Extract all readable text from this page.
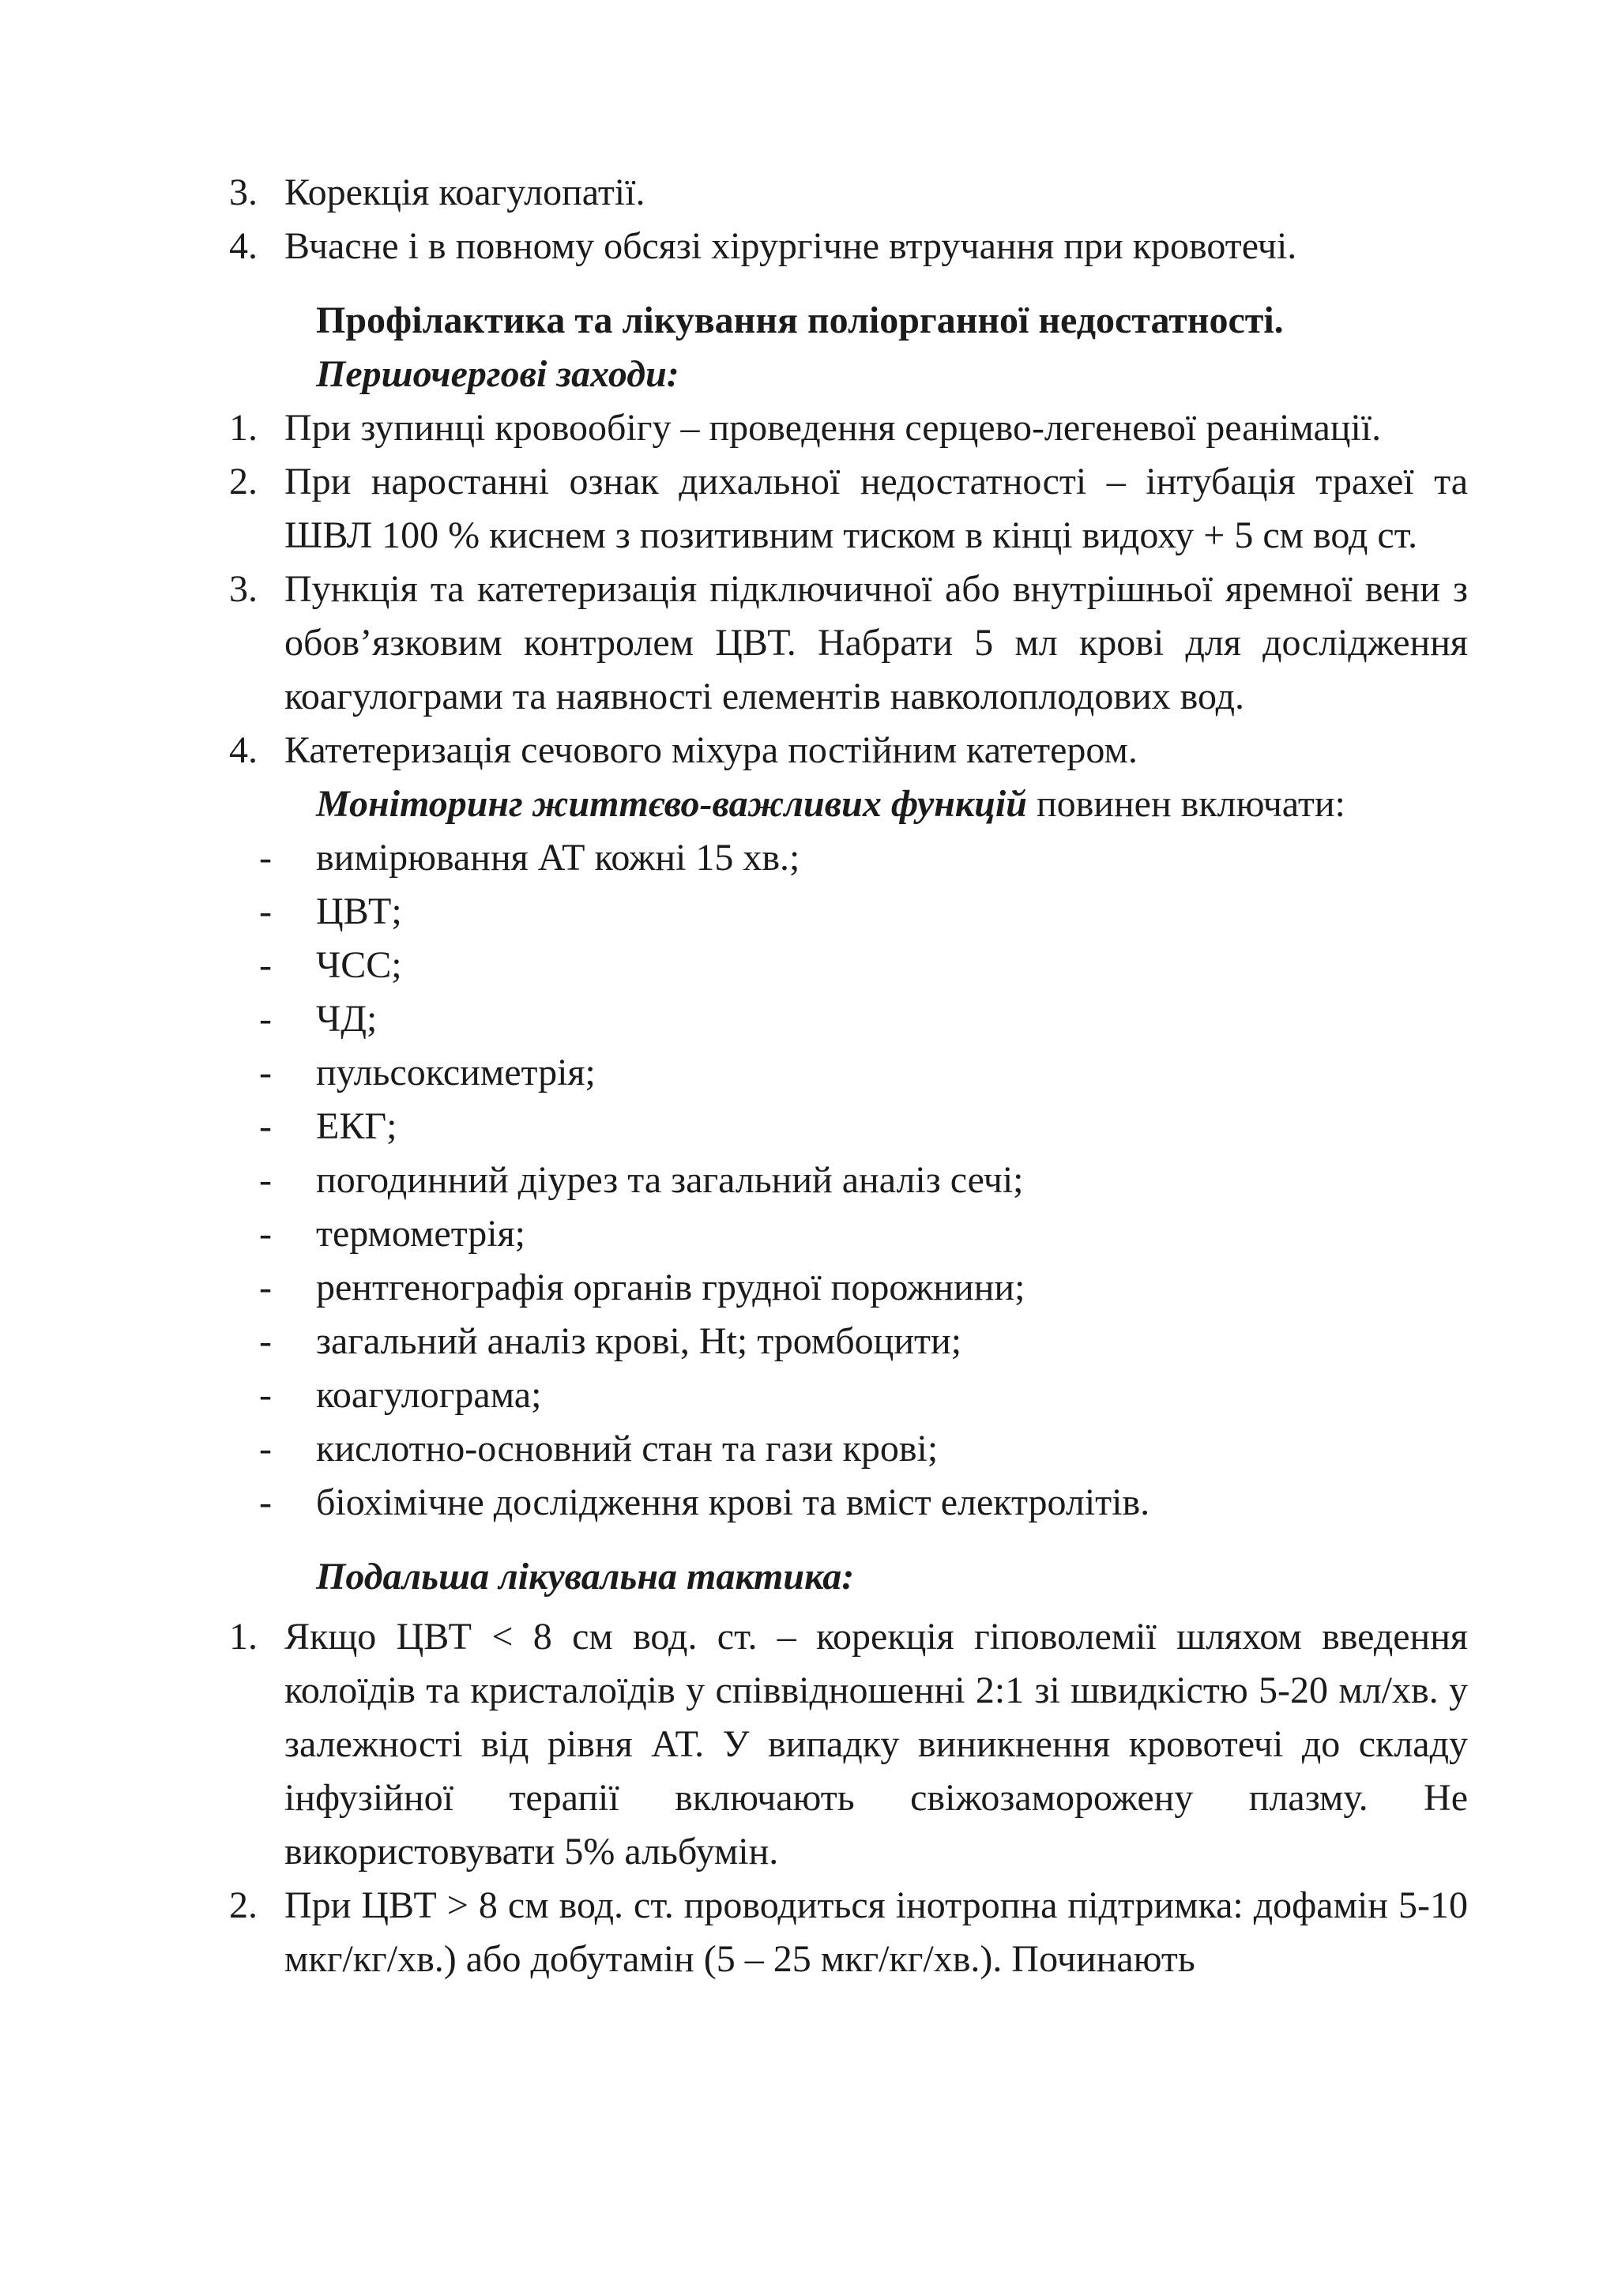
3. Корекція коагулопатії.
4. Вчасне і в повному обсязі хірургічне втручання при кровотечі.
Профілактика та лікування поліорганної недостатності.
Першочергові заходи:
1. При зупинці кровообігу – проведення серцево-легеневої реанімації.
2. При наростанні ознак дихальної недостатності – інтубація трахеї та ШВЛ 100 % киснем з позитивним тиском в кінці видоху + 5 см вод ст.
3. Пункція та катетеризація підключичної або внутрішньої яремної вени з обов’язковим контролем ЦВТ. Набрати 5 мл крові для дослідження коагулограми та наявності елементів навколоплодових вод.
4. Катетеризація сечового міхура постійним катетером.
Моніторинг життєво-важливих функцій повинен включати:
-	вимірювання АТ кожні 15 хв.;
-	ЦВТ;
-	ЧСС;
-	ЧД;
-	пульсоксиметрія;
-	ЕКГ;
-	погодинний діурез та загальний аналіз сечі;
-	термометрія;
-	рентгенографія органів грудної порожнини;
-	загальний аналіз крові, Ht; тромбоцити;
-	коагулограма;
-	кислотно-основний стан та гази крові;
-	біохімічне дослідження крові та вміст електролітів.
Подальша лікувальна тактика:
1. Якщо ЦВТ < 8 см вод. ст. – корекція гіповолемії шляхом введення колоїдів та кристалоїдів у співвідношенні 2:1 зі швидкістю 5-20 мл/хв. у залежності від рівня АТ. У випадку виникнення кровотечі до складу інфузійної терапії включають свіжозаморожену плазму. Не використовувати 5% альбумін.
2. При ЦВТ > 8 см вод. ст. проводиться інотропна підтримка: дофамін 5-10 мкг/кг/хв.) або добутамін (5 – 25 мкг/кг/хв.). Починають
